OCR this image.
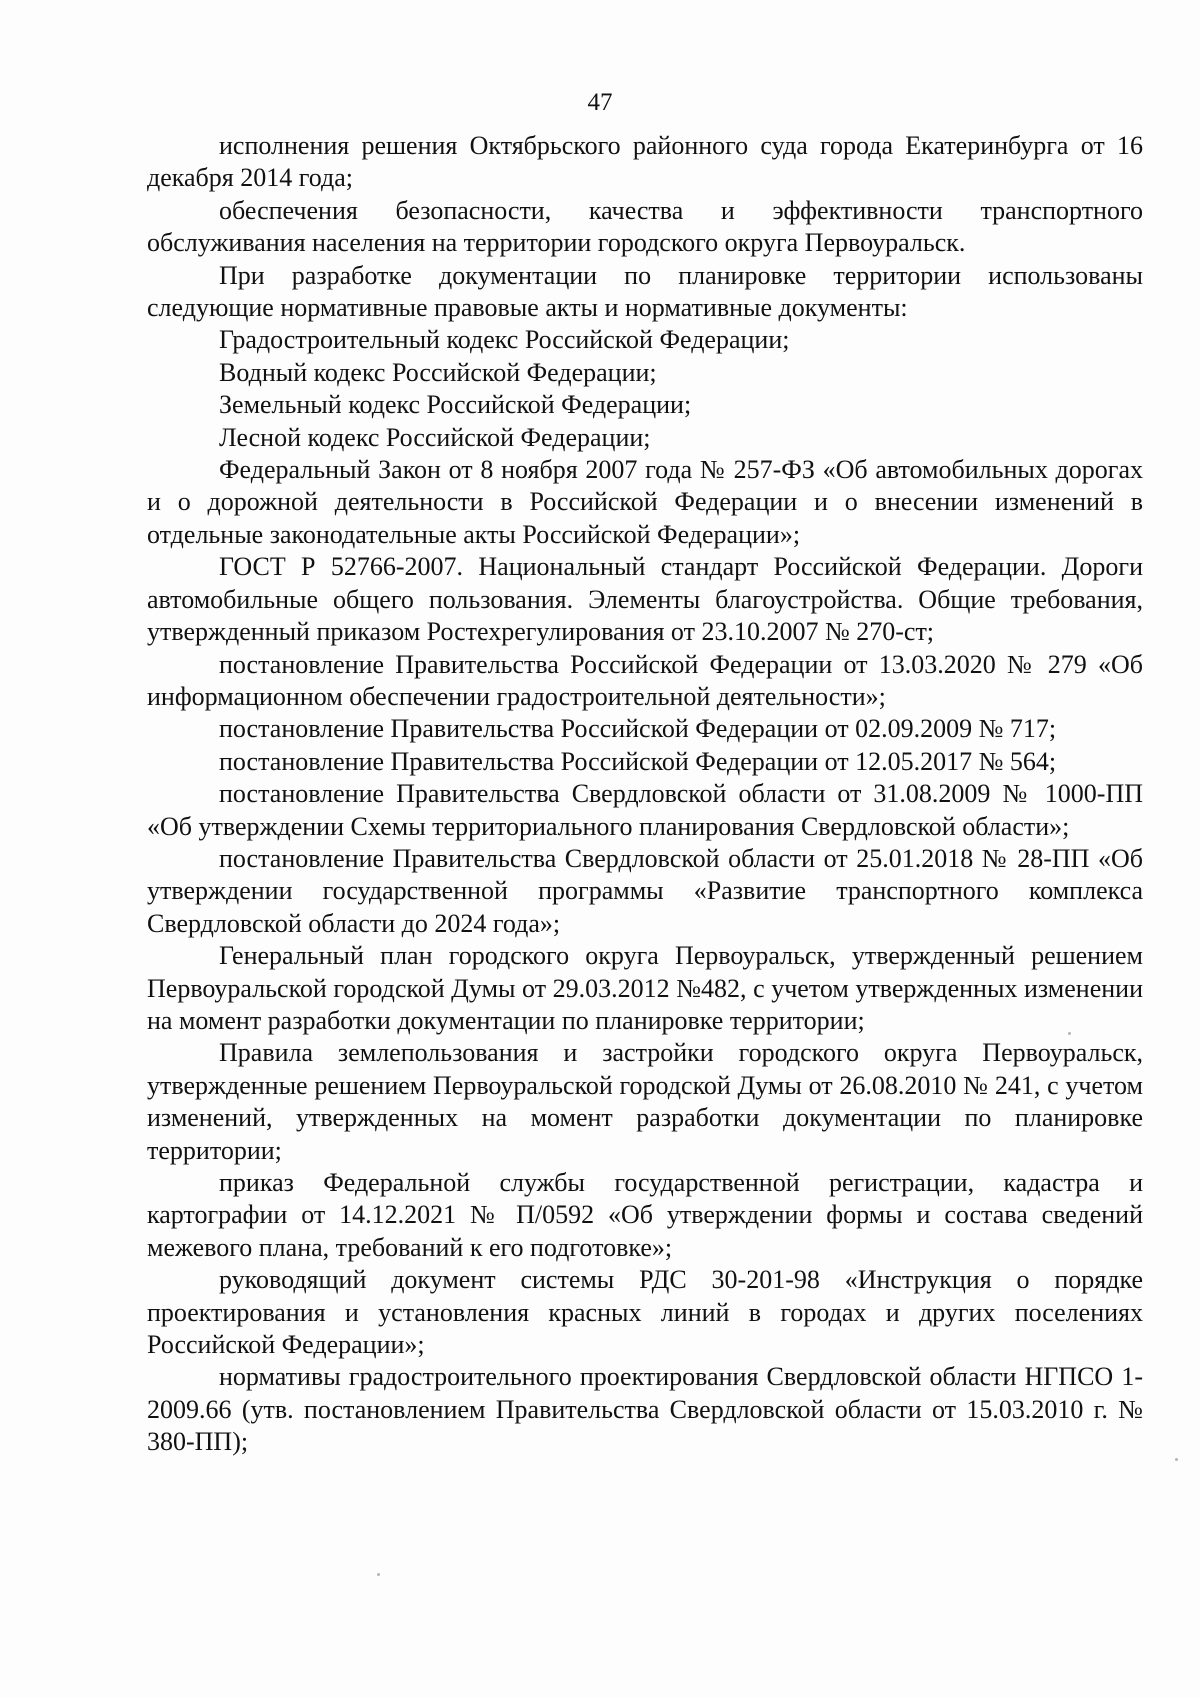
47

исполнения решения Октябрьского районного суда города Екатеринбурга от 16 декабря 2014 года;

обеспечения безопасности, качества и эффективности транспортного обслуживания населения на территории городского округа Первоуральск.

При разработке документации по планировке территории использованы следующие нормативные правовые акты и нормативные документы:

Градостроительный кодекс Российской Федерации;

Водный кодекс Российской Федерации;

Земельный кодекс Российской Федерации;

Лесной кодекс Российской Федерации;

Федеральный Закон от 8 ноября 2007 года № 257-ФЗ «Об автомобильных дорогах и о дорожной деятельности в Российской Федерации и о внесении изменений в отдельные законодательные акты Российской Федерации»;

ГОСТ Р 52766-2007. Национальный стандарт Российской Федерации. Дороги автомобильные общего пользования. Элементы благоустройства. Общие требования, утвержденный приказом Ростехрегулирования от 23.10.2007 № 270-ст;

постановление Правительства Российской Федерации от 13.03.2020 № 279 «Об информационном обеспечении градостроительной деятельности»;

постановление Правительства Российской Федерации от 02.09.2009 № 717;

постановление Правительства Российской Федерации от 12.05.2017 № 564;

постановление Правительства Свердловской области от 31.08.2009 № 1000-ПП «Об утверждении Схемы территориального планирования Свердловской области»;

постановление Правительства Свердловской области от 25.01.2018 № 28-ПП «Об утверждении государственной программы «Развитие транспортного комплекса Свердловской области до 2024 года»;

Генеральный план городского округа Первоуральск, утвержденный решением Первоуральской городской Думы от 29.03.2012 №482, с учетом утвержденных изменении на момент разработки документации по планировке территории;

Правила землепользования и застройки городского округа Первоуральск, утвержденные решением Первоуральской городской Думы от 26.08.2010 № 241, с учетом изменений, утвержденных на момент разработки документации по планировке территории;

приказ Федеральной службы государственной регистрации, кадастра и картографии от 14.12.2021 № П/0592 «Об утверждении формы и состава сведений межевого плана, требований к его подготовке»;

руководящий документ системы РДС 30-201-98 «Инструкция о порядке проектирования и установления красных линий в городах и других поселениях Российской Федерации»;

нормативы градостроительного проектирования Свердловской области НГПСО 1-2009.66 (утв. постановлением Правительства Свердловской области от 15.03.2010 г. № 380-ПП);
